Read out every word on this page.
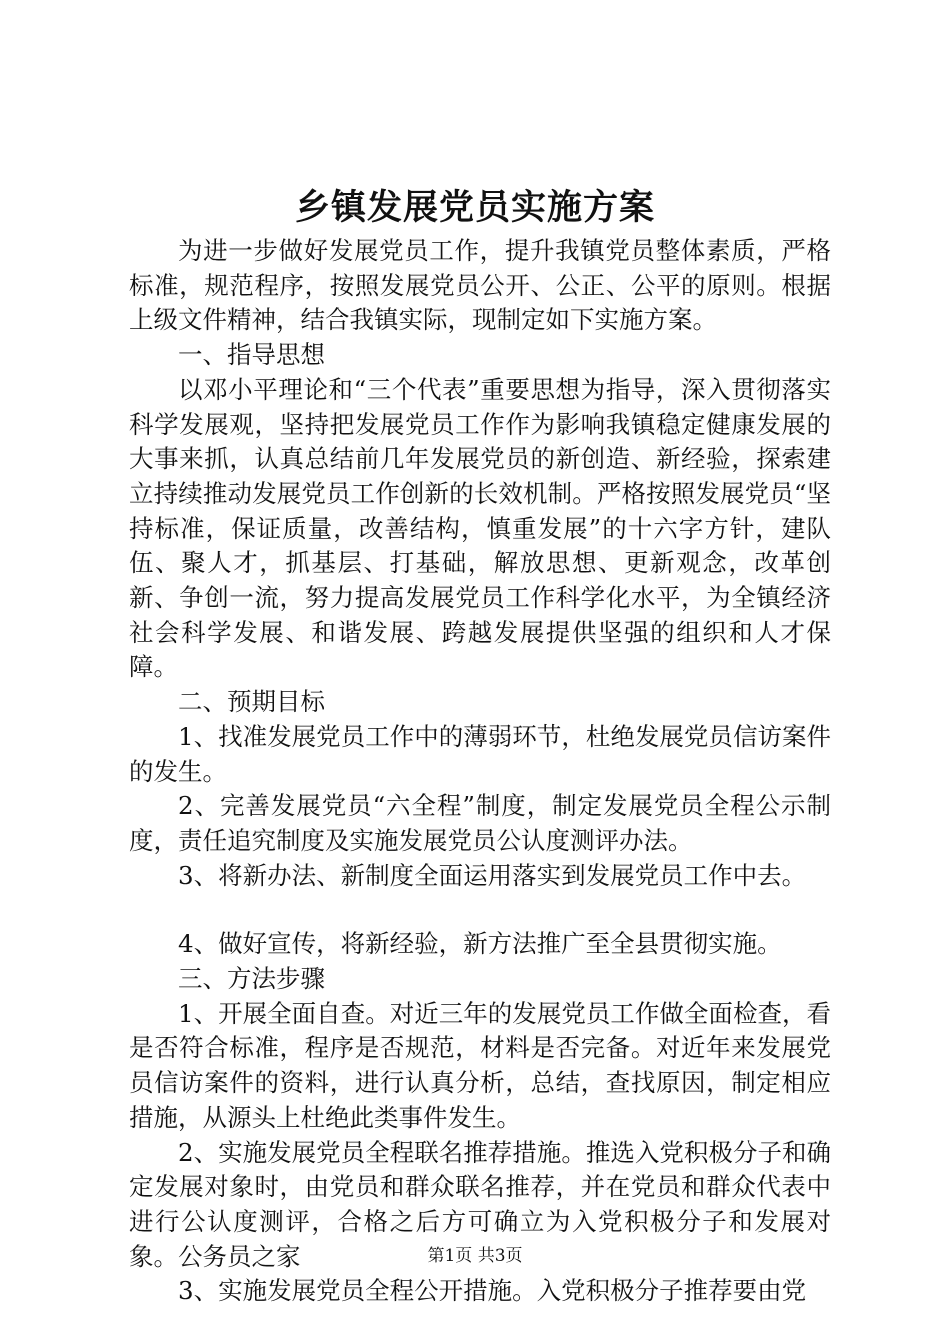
乡镇发展党员实施方案

为进一步做好发展党员工作，提升我镇党员整体素质，严格标准，规范程序，按照发展党员公开、公正、公平的原则。根据上级文件精神，结合我镇实际，现制定如下实施方案。

一、指导思想

以邓小平理论和“三个代表”重要思想为指导，深入贯彻落实科学发展观，坚持把发展党员工作作为影响我镇稳定健康发展的大事来抓，认真总结前几年发展党员的新创造、新经验，探索建立持续推动发展党员工作创新的长效机制。严格按照发展党员“坚持标准，保证质量，改善结构，慎重发展”的十六字方针，建队伍、聚人才，抓基层、打基础，解放思想、更新观念，改革创新、争创一流，努力提高发展党员工作科学化水平，为全镇经济社会科学发展、和谐发展、跨越发展提供坚强的组织和人才保障。

二、预期目标

1、找准发展党员工作中的薄弱环节，杜绝发展党员信访案件的发生。

2、完善发展党员“六全程”制度，制定发展党员全程公示制度，责任追究制度及实施发展党员公认度测评办法。

3、将新办法、新制度全面运用落实到发展党员工作中去。

4、做好宣传，将新经验，新方法推广至全县贯彻实施。

三、方法步骤

1、开展全面自查。对近三年的发展党员工作做全面检查，看是否符合标准，程序是否规范，材料是否完备。对近年来发展党员信访案件的资料，进行认真分析，总结，查找原因，制定相应措施，从源头上杜绝此类事件发生。

2、实施发展党员全程联名推荐措施。推选入党积极分子和确定发展对象时，由党员和群众联名推荐，并在党员和群众代表中进行公认度测评，合格之后方可确立为入党积极分子和发展对象。公务员之家

3、实施发展党员全程公开措施。入党积极分子推荐要由党

第1页 共3页
